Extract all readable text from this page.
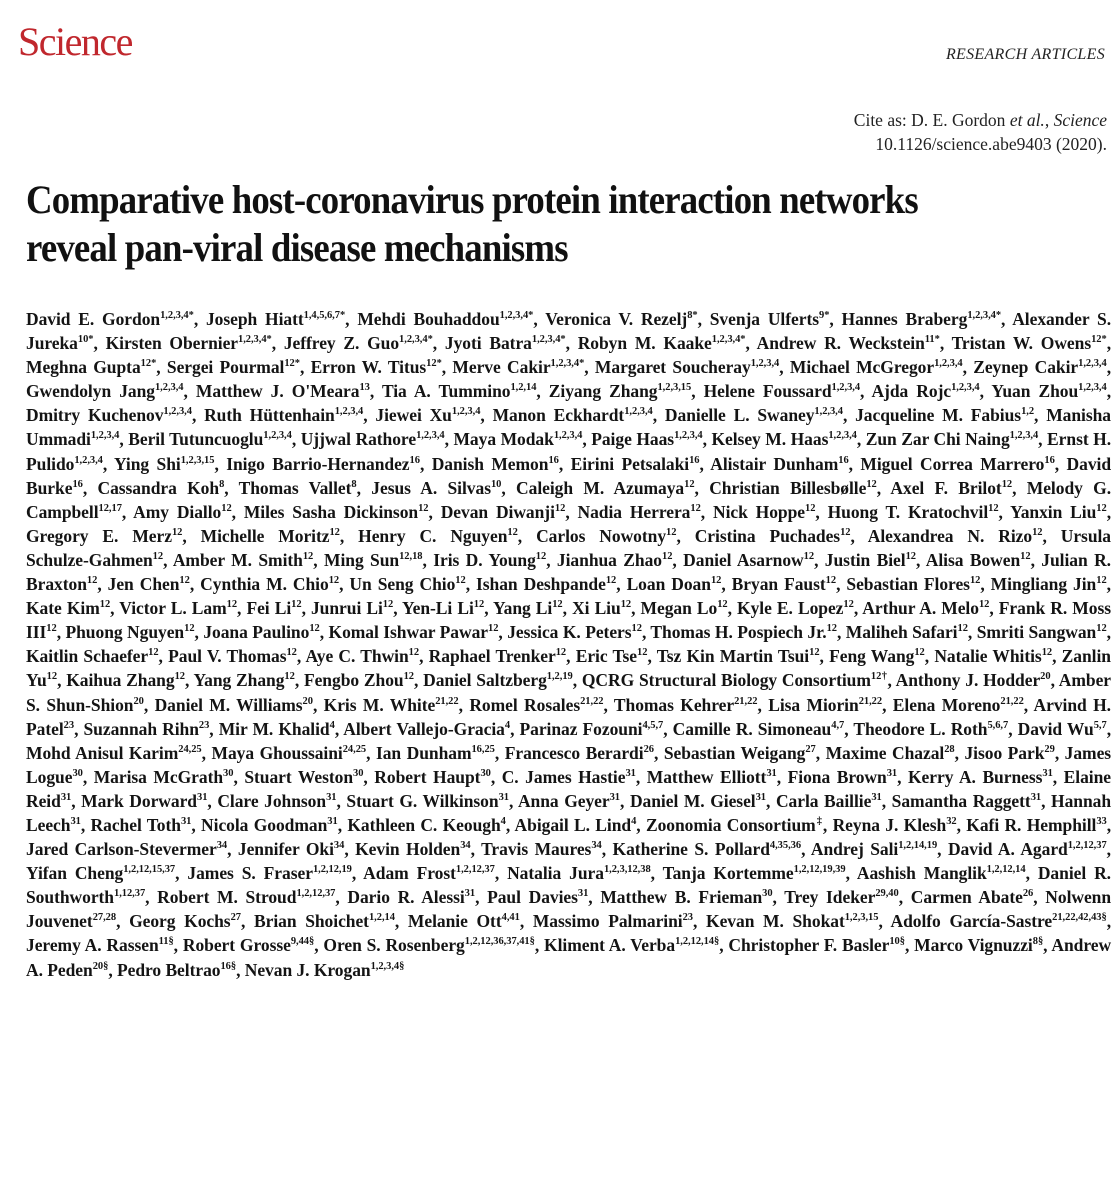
Science	RESEARCH ARTICLES
Cite as: D. E. Gordon et al., Science
10.1126/science.abe9403 (2020).
Comparative host-coronavirus protein interaction networks reveal pan-viral disease mechanisms
David E. Gordon$^{1,2,3,4*}$, Joseph Hiatt$^{1,4,5,6,7*}$, Mehdi Bouhaddou$^{1,2,3,4*}$, Veronica V. Rezelj$^{8*}$, Svenja Ulferts$^{9*}$, Hannes Braberg$^{1,2,3,4*}$, Alexander S. Jureka$^{10*}$, Kirsten Obernier$^{1,2,3,4*}$, Jeffrey Z. Guo$^{1,2,3,4*}$, Jyoti Batra$^{1,2,3,4*}$, Robyn M. Kaake$^{1,2,3,4*}$, Andrew R. Weckstein$^{11*}$, Tristan W. Owens$^{12*}$, Meghna Gupta$^{12*}$, Sergei Pourmal$^{12*}$, Erron W. Titus$^{12*}$, Merve Cakir$^{1,2,3,4*}$, Margaret Soucheray$^{1,2,3,4}$, Michael McGregor$^{1,2,3,4}$, Zeynep Cakir$^{1,2,3,4}$, Gwendolyn Jang$^{1,2,3,4}$, Matthew J. O'Meara$^{13}$, Tia A. Tummino$^{1,2,14}$, Ziyang Zhang$^{1,2,3,15}$, Helene Foussard$^{1,2,3,4}$, Ajda Rojc$^{1,2,3,4}$, Yuan Zhou$^{1,2,3,4}$, Dmitry Kuchenov$^{1,2,3,4}$, Ruth Hüttenhain$^{1,2,3,4}$, Jiewei Xu$^{1,2,3,4}$, Manon Eckhardt$^{1,2,3,4}$, Danielle L. Swaney$^{1,2,3,4}$, Jacqueline M. Fabius$^{1,2}$, Manisha Ummadi$^{1,2,3,4}$, Beril Tutuncuoglu$^{1,2,3,4}$, Ujjwal Rathore$^{1,2,3,4}$, Maya Modak$^{1,2,3,4}$, Paige Haas$^{1,2,3,4}$, Kelsey M. Haas$^{1,2,3,4}$, Zun Zar Chi Naing$^{1,2,3,4}$, Ernst H. Pulido$^{1,2,3,4}$, Ying Shi$^{1,2,3,15}$, Inigo Barrio-Hernandez$^{16}$, Danish Memon$^{16}$, Eirini Petsalaki$^{16}$, Alistair Dunham$^{16}$, Miguel Correa Marrero$^{16}$, David Burke$^{16}$, Cassandra Koh$^8$, Thomas Vallet$^8$, Jesus A. Silvas$^{10}$, Caleigh M. Azumaya$^{12}$, Christian Billesbølle$^{12}$, Axel F. Brilot$^{12}$, Melody G. Campbell$^{12,17}$, Amy Diallo$^{12}$, Miles Sasha Dickinson$^{12}$, Devan Diwanji$^{12}$, Nadia Herrera$^{12}$, Nick Hoppe$^{12}$, Huong T. Kratochvil$^{12}$, Yanxin Liu$^{12}$, Gregory E. Merz$^{12}$, Michelle Moritz$^{12}$, Henry C. Nguyen$^{12}$, Carlos Nowotny$^{12}$, Cristina Puchades$^{12}$, Alexandrea N. Rizo$^{12}$, Ursula Schulze-Gahmen$^{12}$, Amber M. Smith$^{12}$, Ming Sun$^{12,18}$, Iris D. Young$^{12}$, Jianhua Zhao$^{12}$, Daniel Asarnow$^{12}$, Justin Biel$^{12}$, Alisa Bowen$^{12}$, Julian R. Braxton$^{12}$, Jen Chen$^{12}$, Cynthia M. Chio$^{12}$, Un Seng Chio$^{12}$, Ishan Deshpande$^{12}$, Loan Doan$^{12}$, Bryan Faust$^{12}$, Sebastian Flores$^{12}$, Mingliang Jin$^{12}$, Kate Kim$^{12}$, Victor L. Lam$^{12}$, Fei Li$^{12}$, Junrui Li$^{12}$, Yen-Li Li$^{12}$, Yang Li$^{12}$, Xi Liu$^{12}$, Megan Lo$^{12}$, Kyle E. Lopez$^{12}$, Arthur A. Melo$^{12}$, Frank R. Moss III$^{12}$, Phuong Nguyen$^{12}$, Joana Paulino$^{12}$, Komal Ishwar Pawar$^{12}$, Jessica K. Peters$^{12}$, Thomas H. Pospiech Jr.$^{12}$, Maliheh Safari$^{12}$, Smriti Sangwan$^{12}$, Kaitlin Schaefer$^{12}$, Paul V. Thomas$^{12}$, Aye C. Thwin$^{12}$, Raphael Trenker$^{12}$, Eric Tse$^{12}$, Tsz Kin Martin Tsui$^{12}$, Feng Wang$^{12}$, Natalie Whitis$^{12}$, Zanlin Yu$^{12}$, Kaihua Zhang$^{12}$, Yang Zhang$^{12}$, Fengbo Zhou$^{12}$, Daniel Saltzberg$^{1,2,19}$, QCRG Structural Biology Consortium$^{12\dagger}$, Anthony J. Hodder$^{20}$, Amber S. Shun-Shion$^{20}$, Daniel M. Williams$^{20}$, Kris M. White$^{21,22}$, Romel Rosales$^{21,22}$, Thomas Kehrer$^{21,22}$, Lisa Miorin$^{21,22}$, Elena Moreno$^{21,22}$, Arvind H. Patel$^{23}$, Suzannah Rihn$^{23}$, Mir M. Khalid$^4$, Albert Vallejo-Gracia$^4$, Parinaz Fozouni$^{4,5,7}$, Camille R. Simoneau$^{4,7}$, Theodore L. Roth$^{5,6,7}$, David Wu$^{5,7}$, Mohd Anisul Karim$^{24,25}$, Maya Ghoussaini$^{24,25}$, Ian Dunham$^{16,25}$, Francesco Berardi$^{26}$, Sebastian Weigang$^{27}$, Maxime Chazal$^{28}$, Jisoo Park$^{29}$, James Logue$^{30}$, Marisa McGrath$^{30}$, Stuart Weston$^{30}$, Robert Haupt$^{30}$, C. James Hastie$^{31}$, Matthew Elliott$^{31}$, Fiona Brown$^{31}$, Kerry A. Burness$^{31}$, Elaine Reid$^{31}$, Mark Dorward$^{31}$, Clare Johnson$^{31}$, Stuart G. Wilkinson$^{31}$, Anna Geyer$^{31}$, Daniel M. Giesel$^{31}$, Carla Baillie$^{31}$, Samantha Raggett$^{31}$, Hannah Leech$^{31}$, Rachel Toth$^{31}$, Nicola Goodman$^{31}$, Kathleen C. Keough$^4$, Abigail L. Lind$^4$, Zoonomia Consortium‡, Reyna J. Klesh$^{32}$, Kafi R. Hemphill$^{33}$, Jared Carlson-Stevermer$^{34}$, Jennifer Oki$^{34}$, Kevin Holden$^{34}$, Travis Maures$^{34}$, Katherine S. Pollard$^{4,35,36}$, Andrej Sali$^{1,2,14,19}$, David A. Agard$^{1,2,12,37}$, Yifan Cheng$^{1,2,12,15,37}$, James S. Fraser$^{1,2,12,19}$, Adam Frost$^{1,2,12,37}$, Natalia Jura$^{1,2,3,12,38}$, Tanja Kortemme$^{1,2,12,19,39}$, Aashish Manglik$^{1,2,12,14}$, Daniel R. Southworth$^{1,12,37}$, Robert M. Stroud$^{1,2,12,37}$, Dario R. Alessi$^{31}$, Paul Davies$^{31}$, Matthew B. Frieman$^{30}$, Trey Ideker$^{29,40}$, Carmen Abate$^{26}$, Nolwenn Jouvenet$^{27,28}$, Georg Kochs$^{27}$, Brian Shoichet$^{1,2,14}$, Melanie Ott$^{4,41}$, Massimo Palmarini$^{23}$, Kevan M. Shokat$^{1,2,3,15}$, Adolfo García-Sastre$^{21,22,42,43\S}$, Jeremy A. Rassen$^{11\S}$, Robert Grosse$^{9,44\S}$, Oren S. Rosenberg$^{1,2,12,36,37,41\S}$, Kliment A. Verba$^{1,2,12,14\S}$, Christopher F. Basler$^{10\S}$, Marco Vignuzzi$^{8\S}$, Andrew A. Peden$^{20\S}$, Pedro Beltrao$^{16\S}$, Nevan J. Krogan$^{1,2,3,4\S}$
